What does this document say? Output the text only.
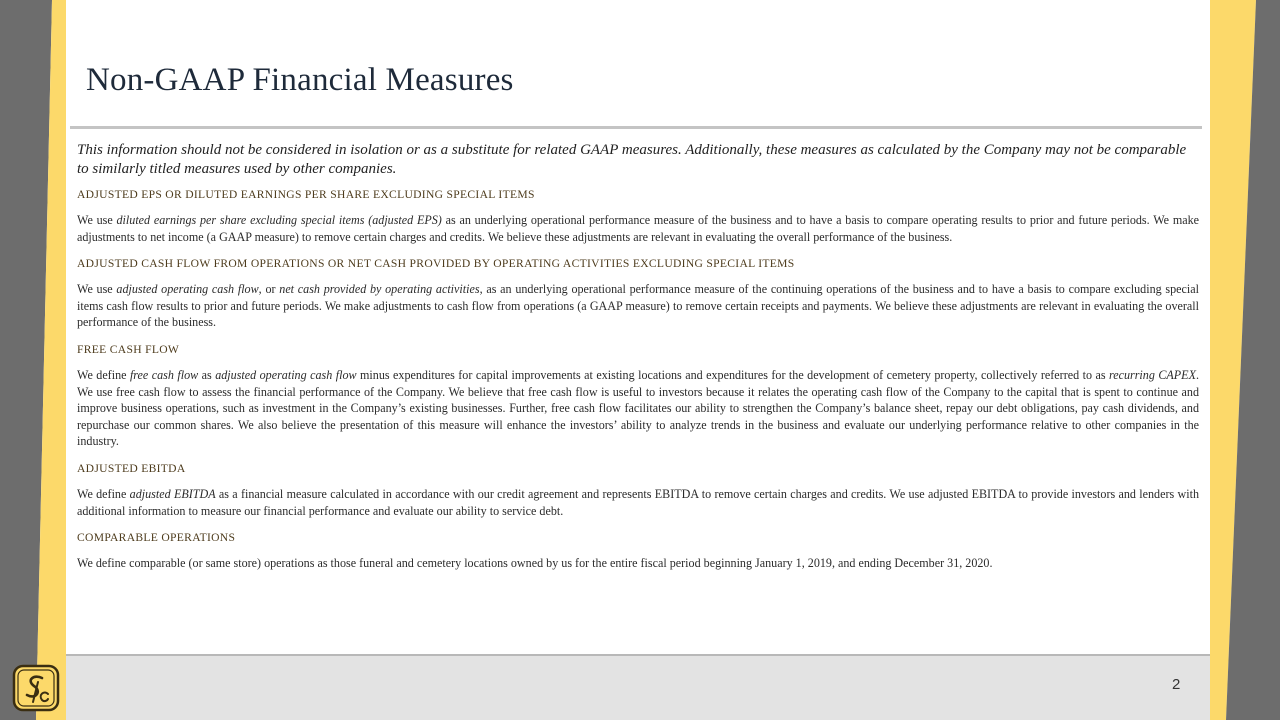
Non-GAAP Financial Measures

This information should not be considered in isolation or as a substitute for related GAAP measures. Additionally, these measures as calculated by the Company may not be comparable to similarly titled measures used by other companies.

ADJUSTED EPS OR DILUTED EARNINGS PER SHARE EXCLUDING SPECIAL ITEMS

We use diluted earnings per share excluding special items (adjusted EPS) as an underlying operational performance measure of the business and to have a basis to compare operating results to prior and future periods. We make adjustments to net income (a GAAP measure) to remove certain charges and credits. We believe these adjustments are relevant in evaluating the overall performance of the business.

ADJUSTED CASH FLOW FROM OPERATIONS OR NET CASH PROVIDED BY OPERATING ACTIVITIES EXCLUDING SPECIAL ITEMS

We use adjusted operating cash flow, or net cash provided by operating activities, as an underlying operational performance measure of the continuing operations of the business and to have a basis to compare excluding special items cash flow results to prior and future periods. We make adjustments to cash flow from operations (a GAAP measure) to remove certain receipts and payments. We believe these adjustments are relevant in evaluating the overall performance of the business.

FREE CASH FLOW

We define free cash flow as adjusted operating cash flow minus expenditures for capital improvements at existing locations and expenditures for the development of cemetery property, collectively referred to as recurring CAPEX. We use free cash flow to assess the financial performance of the Company. We believe that free cash flow is useful to investors because it relates the operating cash flow of the Company to the capital that is spent to continue and improve business operations, such as investment in the Company’s existing businesses. Further, free cash flow facilitates our ability to strengthen the Company’s balance sheet, repay our debt obligations, pay cash dividends, and repurchase our common shares. We also believe the presentation of this measure will enhance the investors’ ability to analyze trends in the business and evaluate our underlying performance relative to other companies in the industry.

ADJUSTED EBITDA

We define adjusted EBITDA as a financial measure calculated in accordance with our credit agreement and represents EBITDA to remove certain charges and credits. We use adjusted EBITDA to provide investors and lenders with additional information to measure our financial performance and evaluate our ability to service debt.

COMPARABLE OPERATIONS

We define comparable (or same store) operations as those funeral and cemetery locations owned by us for the entire fiscal period beginning January 1, 2019, and ending December 31, 2020.

2
